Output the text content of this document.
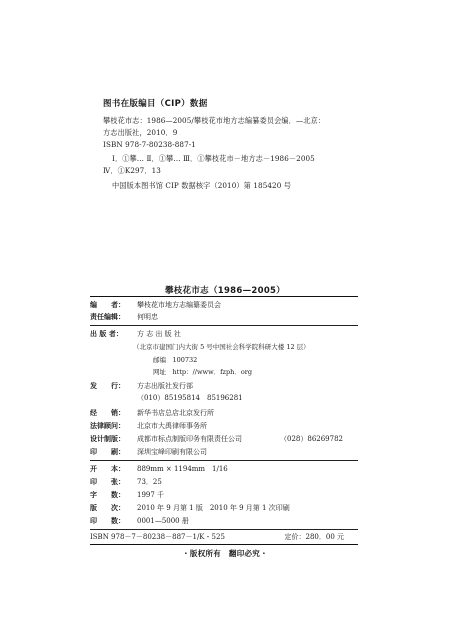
图书在版编目（CIP）数据
攀枝花市志：1986—2005/攀枝花市地方志编纂委员会编．—北京：
方志出版社，2010．9
ISBN 978-7-80238-887-1
Ⅰ．①攀… Ⅱ．①攀… Ⅲ．①攀枝花市－地方志－1986－2005
Ⅳ．①K297．13
中国版本图书馆 CIP 数据核字（2010）第 185420 号
攀枝花市志（1986—2005）
编　　者： 攀枝花市地方志编纂委员会
责任编辑： 何明忠
出 版 者： 方 志 出 版 社
（北京市建国门内大街 5 号中国社会科学院科研大楼 12 层）
邮编　100732
网址　http：//www．fzph．org
发　　行： 方志出版社发行部
（010）85195814　85196281
经　　销： 新华书店总店北京发行所
法律顾问： 北京市大禹律师事务所
设计制版： 成都市标点制版印务有限责任公司	（028）86269782
印　　刷： 深圳宝峰印刷有限公司
开　　本： 889mm × 1194mm　1/16
印　　张： 73．25
字　　数： 1997 千
版　　次： 2010 年 9 月第 1 版　2010 年 9 月第 1 次印刷
印　　数： 0001—5000 册
ISBN 978－7－80238－887－1/K・525	定价：280．00 元
・版权所有　翻印必究・
